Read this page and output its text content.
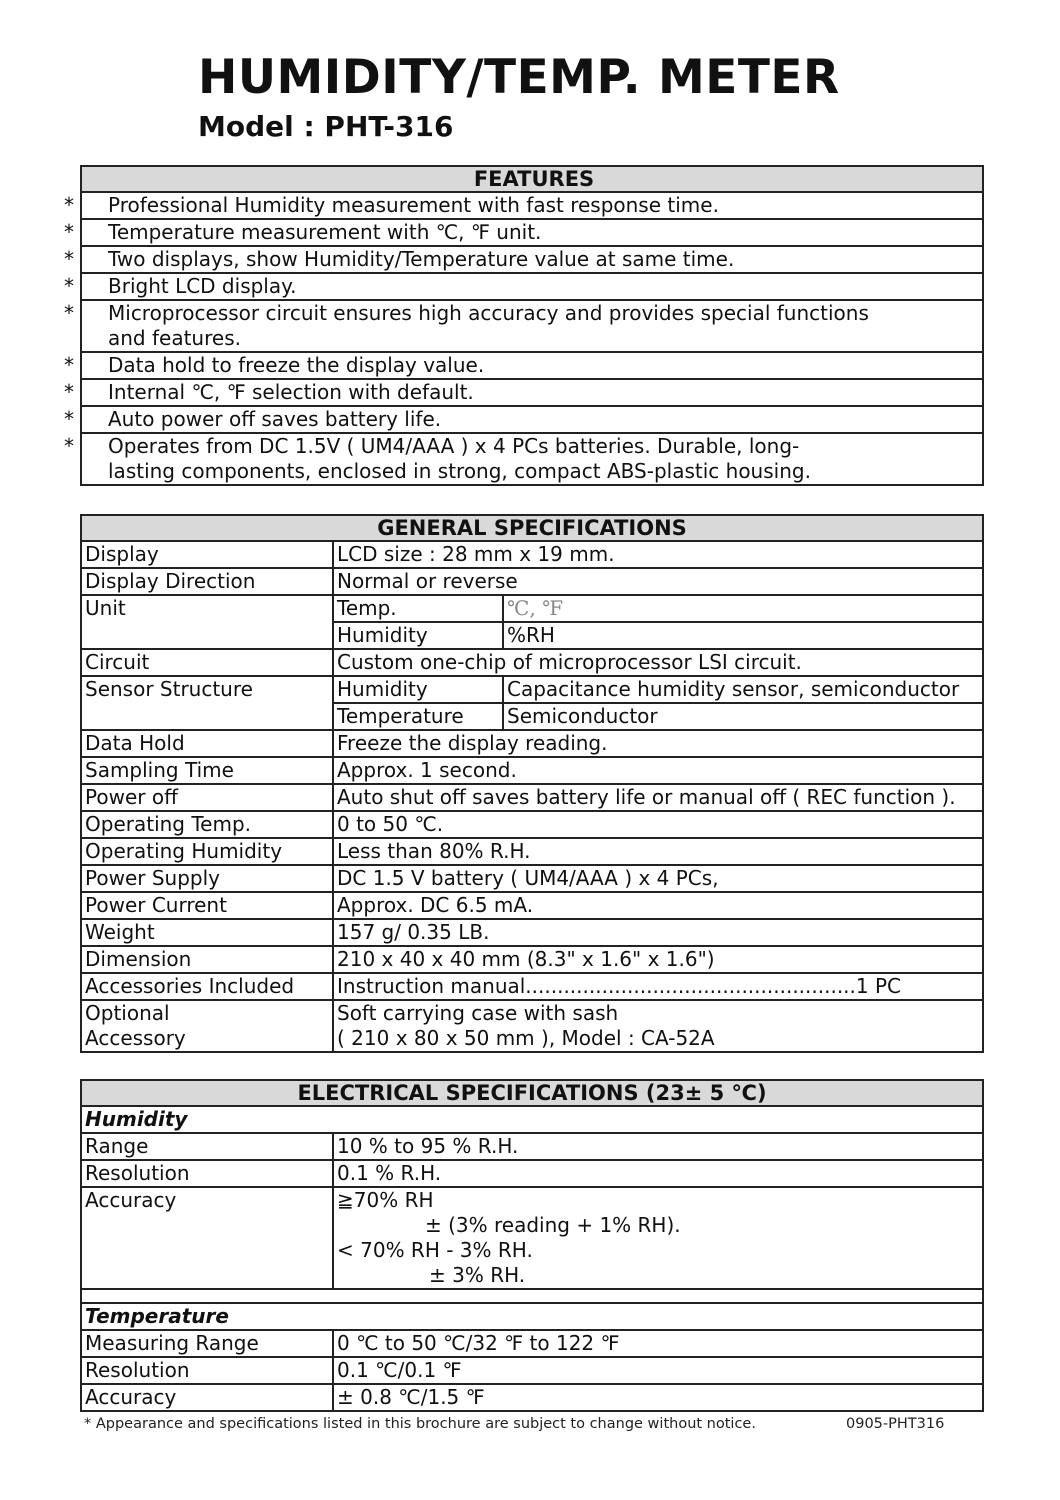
HUMIDITY/TEMP. METER
Model : PHT-316
FEATURES
* Professional Humidity measurement with fast response time.
* Temperature measurement with ℃, ℉ unit.
* Two displays, show Humidity/Temperature value at same time.
* Bright LCD display.
* Microprocessor circuit ensures high accuracy and provides special functions and features.
* Data hold to freeze the display value.
* Internal ℃, ℉ selection with default.
* Auto power off saves battery life.
* Operates from DC 1.5V ( UM4/AAA ) x 4 PCs batteries. Durable, long-lasting components, enclosed in strong, compact ABS-plastic housing.
GENERAL SPECIFICATIONS		
Display	LCD size : 28 mm x 19 mm.	
Display Direction	Normal or reverse	
Unit	Temp.	℃, ℉
	Humidity	%RH
Circuit	Custom one-chip of microprocessor LSI circuit.	
Sensor Structure	Humidity	Capacitance humidity sensor, semiconductor
	Temperature	Semiconductor
Data Hold	Freeze the display reading.	
Sampling Time	Approx. 1 second.	
Power off	Auto shut off saves battery life or manual off ( REC function ).	
Operating Temp.	0 to 50 ℃.	
Operating Humidity	Less than 80% R.H.	
Power Supply	DC 1.5 V battery ( UM4/AAA ) x 4 PCs,	
Power Current	Approx. DC 6.5 mA.	
Weight	157 g/ 0.35 LB.	
Dimension	210 x 40 x 40 mm (8.3" x 1.6" x 1.6")	
Accessories Included	Instruction manual....................................................1 PC	

Optional
Accessory	Soft carrying case with sash
( 210 x 80 x 50 mm ), Model : CA-52A	
ELECTRICAL SPECIFICATIONS (23± 5 ℃)	
Humidity	
Range	10 % to 95 % R.H.
Resolution	0.1 % R.H.
Accuracy	≧70% RH
± (3% reading + 1% RH).
< 70% RH - 3% RH.
± 3% RH.

Temperature	
Measuring Range	0 ℃ to 50 ℃/32 ℉ to 122 ℉
Resolution	0.1 ℃/0.1 ℉
Accuracy	± 0.8 ℃/1.5 ℉
* Appearance and specifications listed in this brochure are subject to change without notice.	0905-PHT316
